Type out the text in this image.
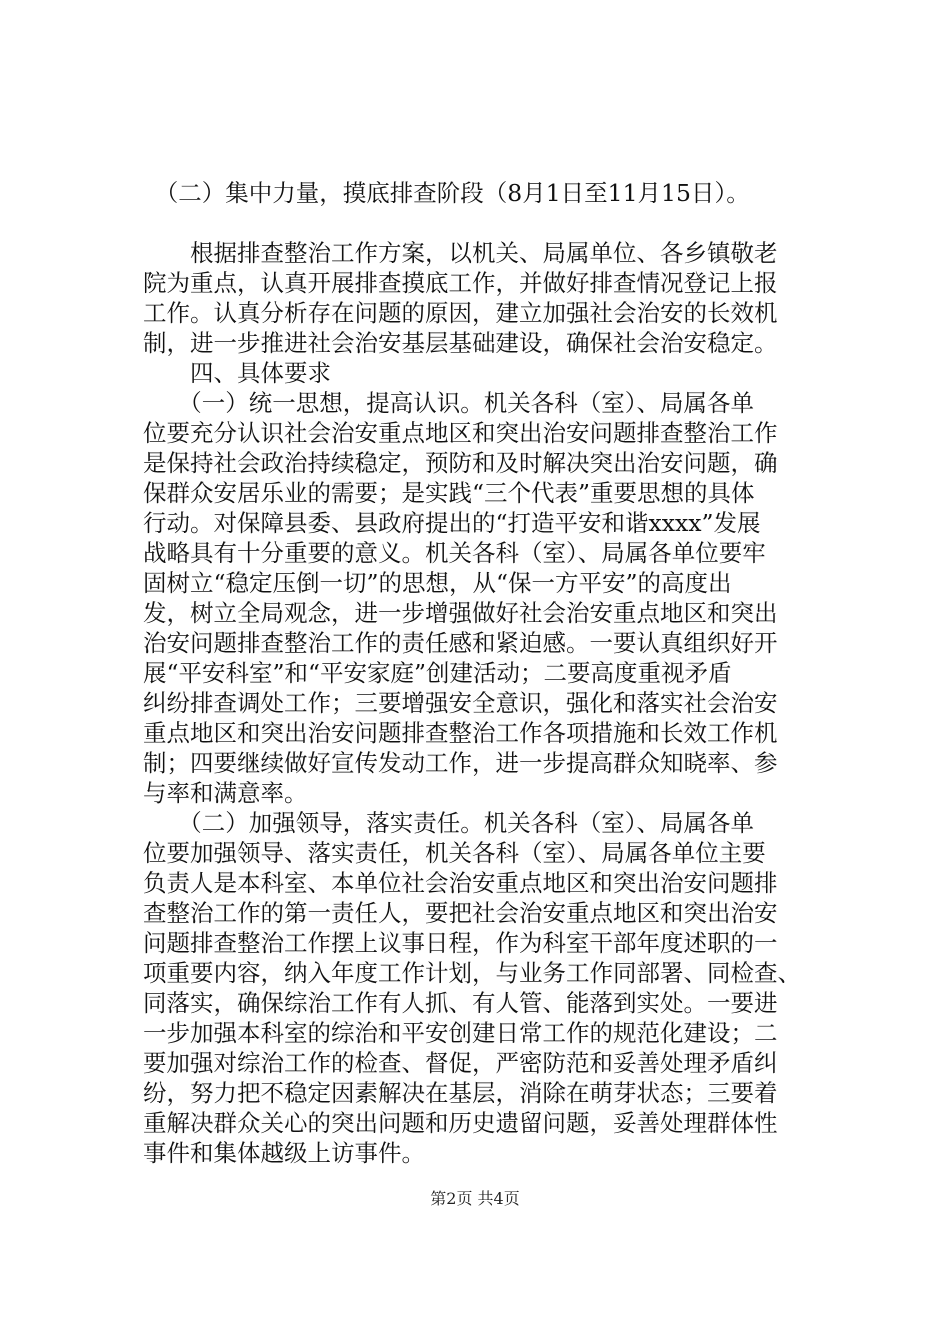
　（二）集中力量，摸底排查阶段（8月1日至11月15日）。
　　根据排查整治工作方案，以机关、局属单位、各乡镇敬老
院为重点，认真开展排查摸底工作，并做好排查情况登记上报
工作。认真分析存在问题的原因，建立加强社会治安的长效机
制，进一步推进社会治安基层基础建设，确保社会治安稳定。
　　四、具体要求
　　（一）统一思想，提高认识。机关各科（室）、局属各单
位要充分认识社会治安重点地区和突出治安问题排查整治工作
是保持社会政治持续稳定，预防和及时解决突出治安问题，确
保群众安居乐业的需要；是实践“三个代表”重要思想的具体
行动。对保障县委、县政府提出的“打造平安和谐xxxx”发展
战略具有十分重要的意义。机关各科（室）、局属各单位要牢
固树立“稳定压倒一切”的思想，从“保一方平安”的高度出
发，树立全局观念，进一步增强做好社会治安重点地区和突出
治安问题排查整治工作的责任感和紧迫感。一要认真组织好开
展“平安科室”和“平安家庭”创建活动；二要高度重视矛盾
纠纷排查调处工作；三要增强安全意识，强化和落实社会治安
重点地区和突出治安问题排查整治工作各项措施和长效工作机
制；四要继续做好宣传发动工作，进一步提高群众知晓率、参
与率和满意率。
　　（二）加强领导，落实责任。机关各科（室）、局属各单
位要加强领导、落实责任，机关各科（室）、局属各单位主要
负责人是本科室、本单位社会治安重点地区和突出治安问题排
查整治工作的第一责任人，要把社会治安重点地区和突出治安
问题排查整治工作摆上议事日程，作为科室干部年度述职的一
项重要内容，纳入年度工作计划，与业务工作同部署、同检查、
同落实，确保综治工作有人抓、有人管、能落到实处。一要进
一步加强本科室的综治和平安创建日常工作的规范化建设；二
要加强对综治工作的检查、督促，严密防范和妥善处理矛盾纠
纷，努力把不稳定因素解决在基层，消除在萌芽状态；三要着
重解决群众关心的突出问题和历史遗留问题，妥善处理群体性
第2页 共4页
事件和集体越级上访事件。
